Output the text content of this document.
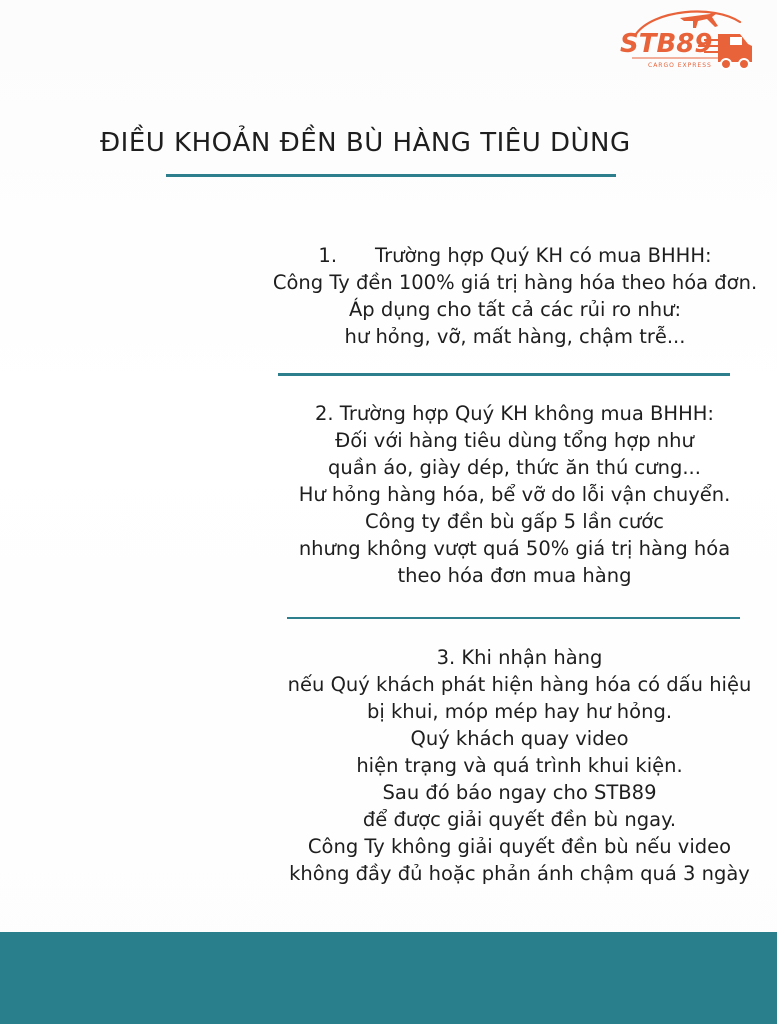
STB89
CARGO EXPRESS
ĐIỀU KHOẢN ĐỀN BÙ HÀNG TIÊU DÙNG
1. Trường hợp Quý KH có mua BHHH:
Công Ty đền 100% giá trị hàng hóa theo hóa đơn.
Áp dụng cho tất cả các rủi ro như:
hư hỏng, vỡ, mất hàng, chậm trễ...
2. Trường hợp Quý KH không mua BHHH:
Đối với hàng tiêu dùng tổng hợp như
quần áo, giày dép, thức ăn thú cưng...
Hư hỏng hàng hóa, bể vỡ do lỗi vận chuyển.
Công ty đền bù gấp 5 lần cước
nhưng không vượt quá 50% giá trị hàng hóa
theo hóa đơn mua hàng
3. Khi nhận hàng
nếu Quý khách phát hiện hàng hóa có dấu hiệu
bị khui, móp mép hay hư hỏng.
Quý khách quay video
hiện trạng và quá trình khui kiện.
Sau đó báo ngay cho STB89
để được giải quyết đền bù ngay.
Công Ty không giải quyết đền bù nếu video
không đầy đủ hoặc phản ánh chậm quá 3 ngày
